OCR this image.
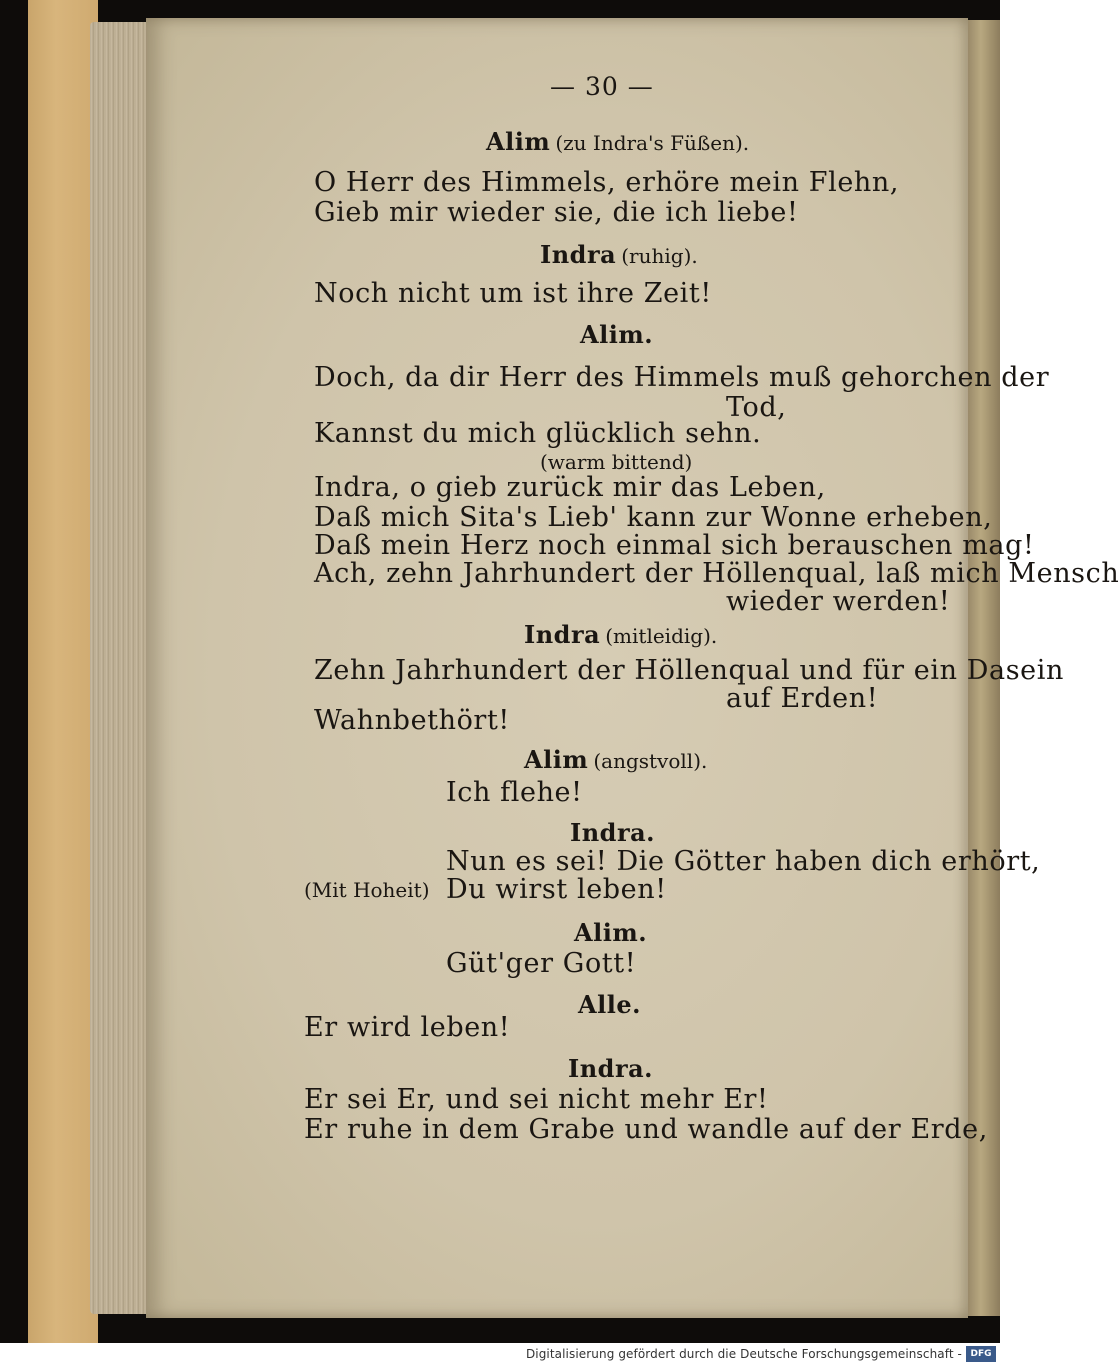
— 30 —
Alim (zu Indra's Füßen).
O Herr des Himmels, erhöre mein Flehn,
Gieb mir wieder sie, die ich liebe!
Indra (ruhig).
Noch nicht um ist ihre Zeit!
Alim.
Doch, da dir Herr des Himmels muß gehorchen der
Tod,
Kannst du mich glücklich sehn.
(warm bittend)
Indra, o gieb zurück mir das Leben,
Daß mich Sita's Lieb' kann zur Wonne erheben,
Daß mein Herz noch einmal sich berauschen mag!
Ach, zehn Jahrhundert der Höllenqual, laß mich Mensch
wieder werden!
Indra (mitleidig).
Zehn Jahrhundert der Höllenqual und für ein Dasein
auf Erden!
Wahnbethört!
Alim (angstvoll).
Ich flehe!
Indra.
Nun es sei! Die Götter haben dich erhört,
(Mit Hoheit) Du wirst leben!
Alim.
Güt'ger Gott!
Alle.
Er wird leben!
Indra.
Er sei Er, und sei nicht mehr Er!
Er ruhe in dem Grabe und wandle auf der Erde,
Digitalisierung gefördert durch die Deutsche Forschungsgemeinschaft - DFG
